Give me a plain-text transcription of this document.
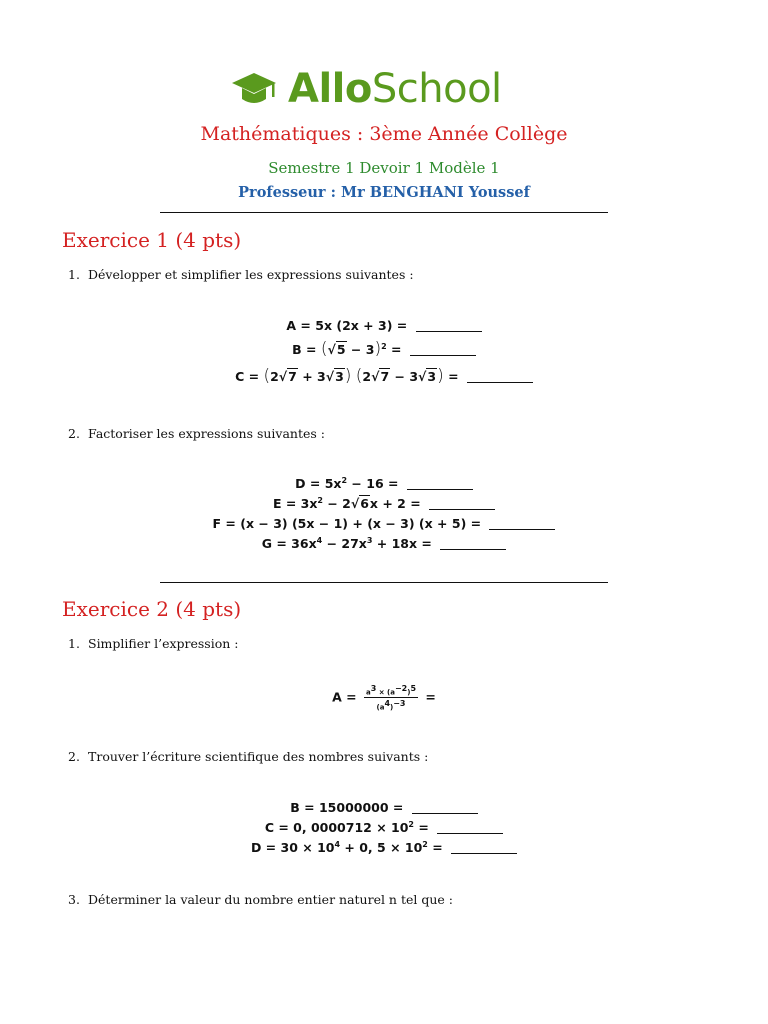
AlloSchool
Mathématiques : 3ème Année Collège
Semestre 1 Devoir 1 Modèle 1
Professeur : Mr BENGHANI Youssef
Exercice 1 (4 pts)
1. Développer et simplifier les expressions suivantes :
A = 5x (2x + 3) =
$B = (√5 - 3)^2$ =
C = (2√7 + 3√3) (2√7 − 3√3) =
2. Factoriser les expressions suivantes :
$D = 5x^2 - 16$ =
$E = 3x^2 - 2√6x + 2$ =
F = (x − 3) (5x − 1) + (x − 3) (x + 5) =
$G = 36x^4 - 27x^3 + 18x$ =
Exercice 2 (4 pts)
1. Simplifier l’expression :
$A = \frac{a^3 \times (a^{-2})^5}{(a^4)^{-3}}$ =
2. Trouver l’écriture scientifique des nombres suivants :
B = 15000000 =
C = 0, $0000712 \times 10^2$ =
$D = 30 \times 10^4 + 0$, $5 \times 10^2$ =
3. Déterminer la valeur du nombre entier naturel n tel que :
